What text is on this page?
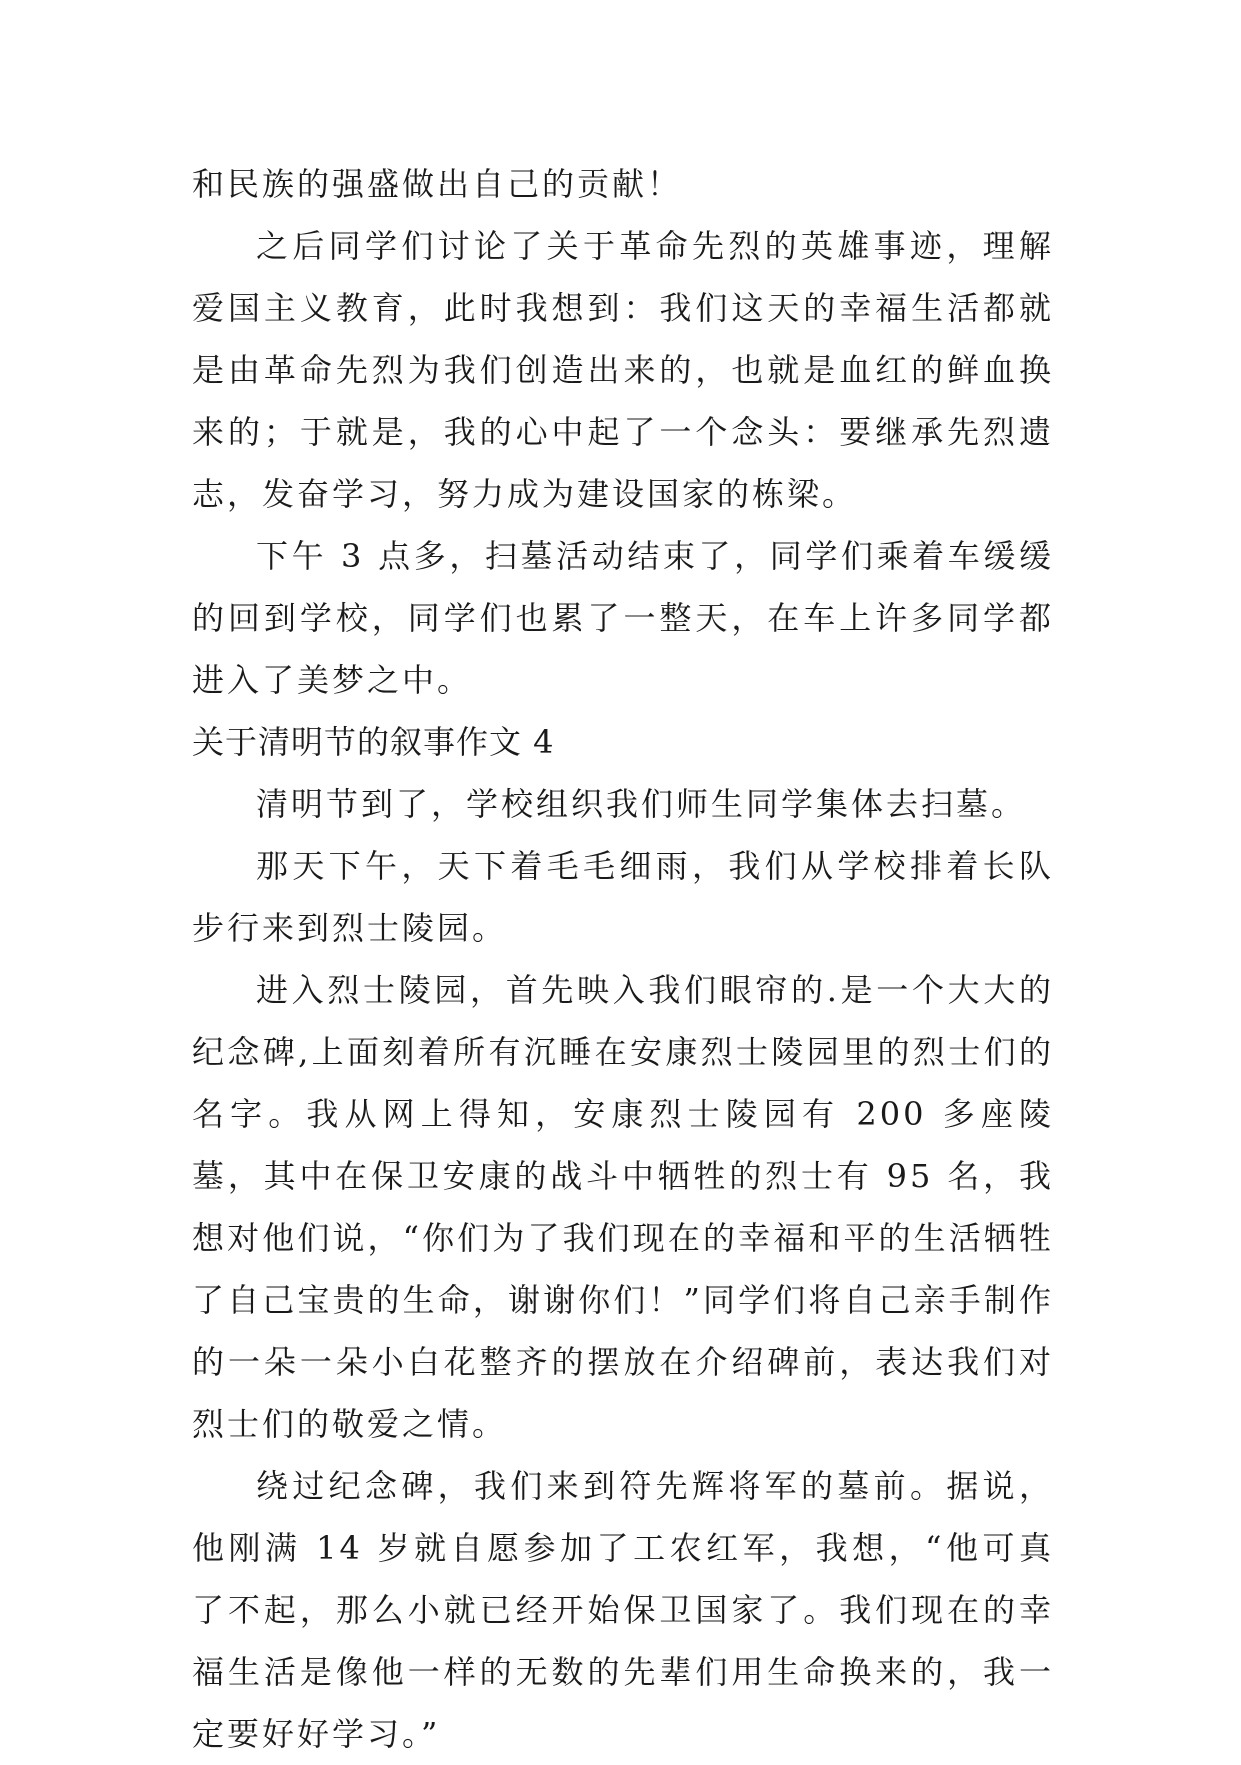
和民族的强盛做出自己的贡献！

之后同学们讨论了关于革命先烈的英雄事迹，理解爱国主义教育，此时我想到：我们这天的幸福生活都就是由革命先烈为我们创造出来的，也就是血红的鲜血换来的；于就是，我的心中起了一个念头：要继承先烈遗志，发奋学习，努力成为建设国家的栋梁。

下午 3 点多，扫墓活动结束了，同学们乘着车缓缓的回到学校，同学们也累了一整天，在车上许多同学都进入了美梦之中。

关于清明节的叙事作文 4

清明节到了，学校组织我们师生同学集体去扫墓。

那天下午，天下着毛毛细雨，我们从学校排着长队步行来到烈士陵园。

进入烈士陵园，首先映入我们眼帘的.是一个大大的纪念碑,上面刻着所有沉睡在安康烈士陵园里的烈士们的名字。我从网上得知，安康烈士陵园有 200 多座陵墓，其中在保卫安康的战斗中牺牲的烈士有 95 名，我想对他们说，“你们为了我们现在的幸福和平的生活牺牲了自己宝贵的生命，谢谢你们！”同学们将自己亲手制作的一朵一朵小白花整齐的摆放在介绍碑前，表达我们对烈士们的敬爱之情。

绕过纪念碑，我们来到符先辉将军的墓前。据说，他刚满 14 岁就自愿参加了工农红军，我想，“他可真了不起，那么小就已经开始保卫国家了。我们现在的幸福生活是像他一样的无数的先辈们用生命换来的，我一定要好好学习。”
